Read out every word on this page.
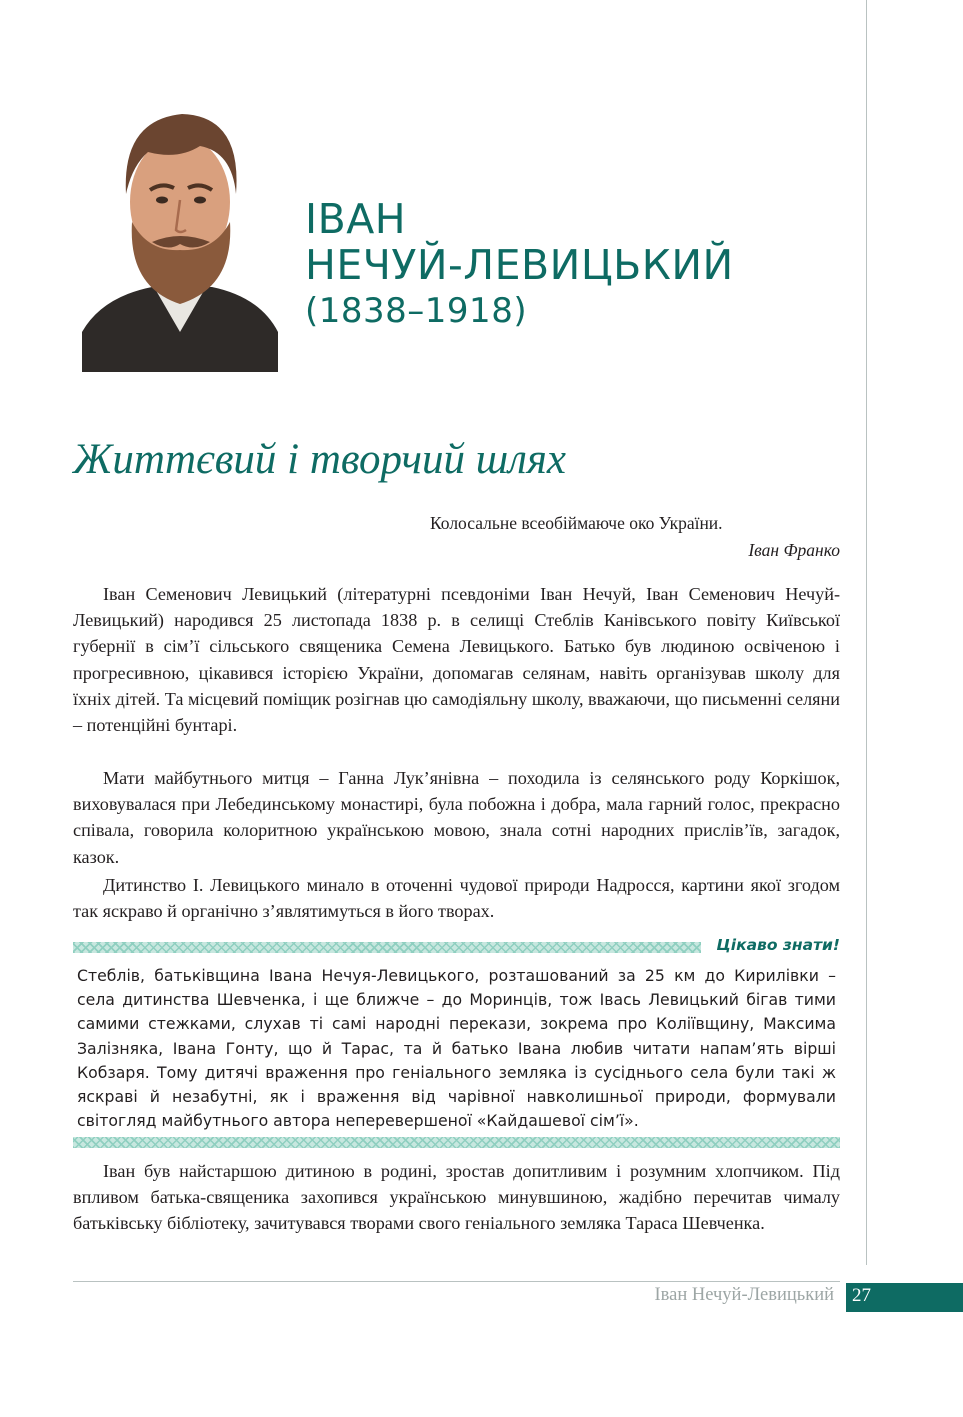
ІВАН
НЕЧУЙ-ЛЕВИЦЬКИЙ
(1838–1918)
Життєвий і творчий шлях
Колосальне всеобіймаюче око України.
Іван Франко

Іван Семенович Левицький (літературні псевдоніми Іван Нечуй, Іван Семенович Нечуй-Левицький) народився 25 листопада 1838 р. в селищі Стеблів Канівського повіту Київської губернії в сім’ї сільського священика Семена Левицького. Батько був людиною освіченою і прогресивною, цікавився історією України, допомагав селянам, навіть організував школу для їхніх дітей. Та місцевий поміщик розігнав цю самодіяльну школу, вважаючи, що письменні селяни – потенційні бунтарі.

Мати майбутнього митця – Ганна Лук’янівна – походила із селянського роду Коркішок, виховувалася при Лебединському монастирі, була побожна і добра, мала гарний голос, прекрасно співала, говорила колоритною українською мовою, знала сотні народних прислів’їв, загадок, казок.

Дитинство І. Левицького минало в оточенні чудової природи Надросся, картини якої згодом так яскраво й органічно з’являтимуться в його творах.

Цікаво знати!

Стеблів, батьківщина Івана Нечуя-Левицького, розташований за 25 км до Кирилівки – села дитинства Шевченка, і ще ближче – до Моринців, тож Івась Левицький бігав тими самими стежками, слухав ті самі народні перекази, зокрема про Коліївщину, Максима Залізняка, Івана Гонту, що й Тарас, та й батько Івана любив читати напам’ять вірші Кобзаря. Тому дитячі враження про геніального земляка із сусіднього села були такі ж яскраві й незабутні, як і враження від чарівної навколишньої природи, формували світогляд майбутнього автора неперевершеної «Кайдашевої сім’ї».

Іван був найстаршою дитиною в родині, зростав допитливим і розумним хлопчиком. Під впливом батька-священика захопився українською минувшиною, жадібно перечитав чималу батьківську бібліотеку, зачитувався творами свого геніального земляка Тараса Шевченка.

Іван Нечуй-Левицький 27
